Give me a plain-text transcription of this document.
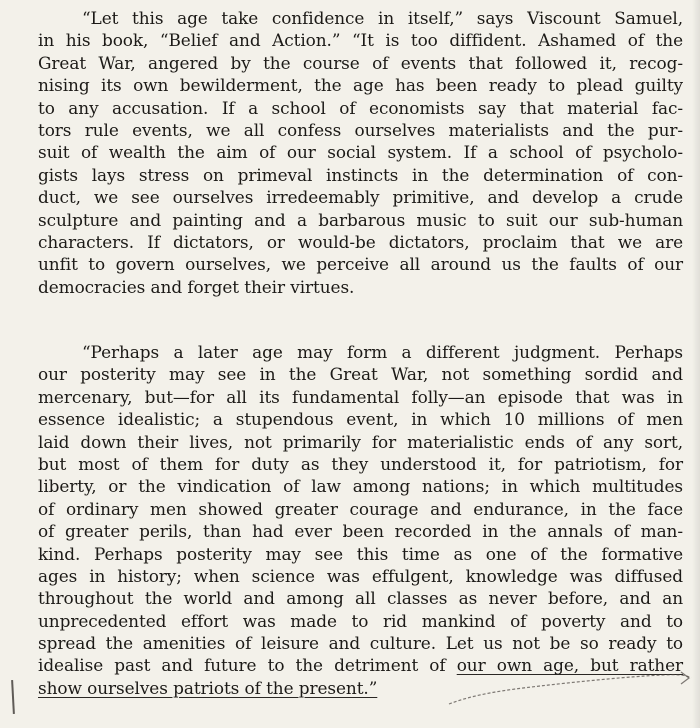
“Let this age take confidence in itself,” says Viscount Samuel,
in his book, “Belief and Action.” “It is too diffident. Ashamed of the
Great War, angered by the course of events that followed it, recog-
nising its own bewilderment, the age has been ready to plead guilty
to any accusation. If a school of economists say that material fac-
tors rule events, we all confess ourselves materialists and the pur-
suit of wealth the aim of our social system. If a school of psycholo-
gists lays stress on primeval instincts in the determination of con-
duct, we see ourselves irredeemably primitive, and develop a crude
sculpture and painting and a barbarous music to suit our sub-human
characters. If dictators, or would-be dictators, proclaim that we are
unfit to govern ourselves, we perceive all around us the faults of our
democracies and forget their virtues.
“Perhaps a later age may form a different judgment. Perhaps
our posterity may see in the Great War, not something sordid and
mercenary, but—for all its fundamental folly—an episode that was in
essence idealistic; a stupendous event, in which 10 millions of men
laid down their lives, not primarily for materialistic ends of any sort,
but most of them for duty as they understood it, for patriotism, for
liberty, or the vindication of law among nations; in which multitudes
of ordinary men showed greater courage and endurance, in the face
of greater perils, than had ever been recorded in the annals of man-
kind. Perhaps posterity may see this time as one of the formative
ages in history; when science was effulgent, knowledge was diffused
throughout the world and among all classes as never before, and an
unprecedented effort was made to rid mankind of poverty and to
spread the amenities of leisure and culture. Let us not be so ready to
idealise past and future to the detriment of our own age, but rather
show ourselves patriots of the present.”
